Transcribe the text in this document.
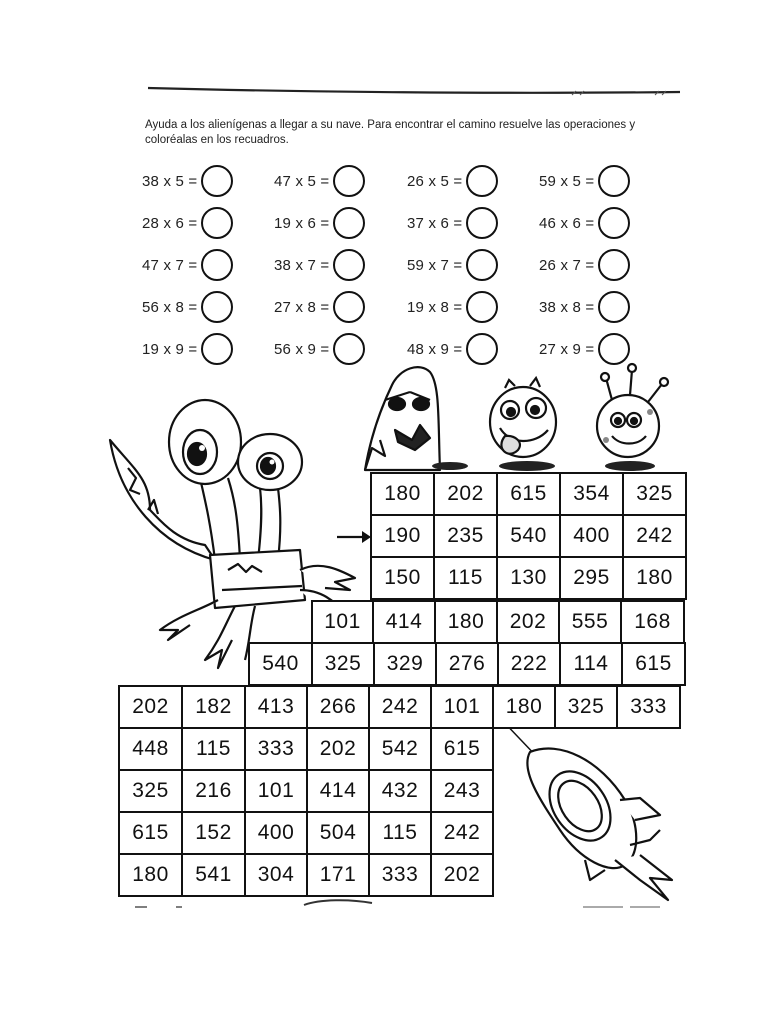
Ayuda a los alienígenas a llegar a su nave. Para encontrar el camino resuelve las operaciones y coloréalas en los recuadros.
38 x 5 =	47 x 5 =	26 x 5 =	59 x 5 =
28 x 6 =	19 x 6 =	37 x 6 =	46 x 6 =
47 x 7 =	38 x 7 =	59 x 7 =	26 x 7 =
56 x 8 =	27 x 8 =	19 x 8 =	38 x 8 =
19 x 9 =	56 x 9 =	48 x 9 =	27 x 9 =
180	202	615	354	325
190	235	540	400	242
150	115	130	295	180
101	414	180	202	555	168
540	325	329	276	222	114	615
202	182	413	266	242	101	180	325	333
448	115	333	202	542	615
325	216	101	414	432	243
615	152	400	504	115	242
180	541	304	171	333	202
